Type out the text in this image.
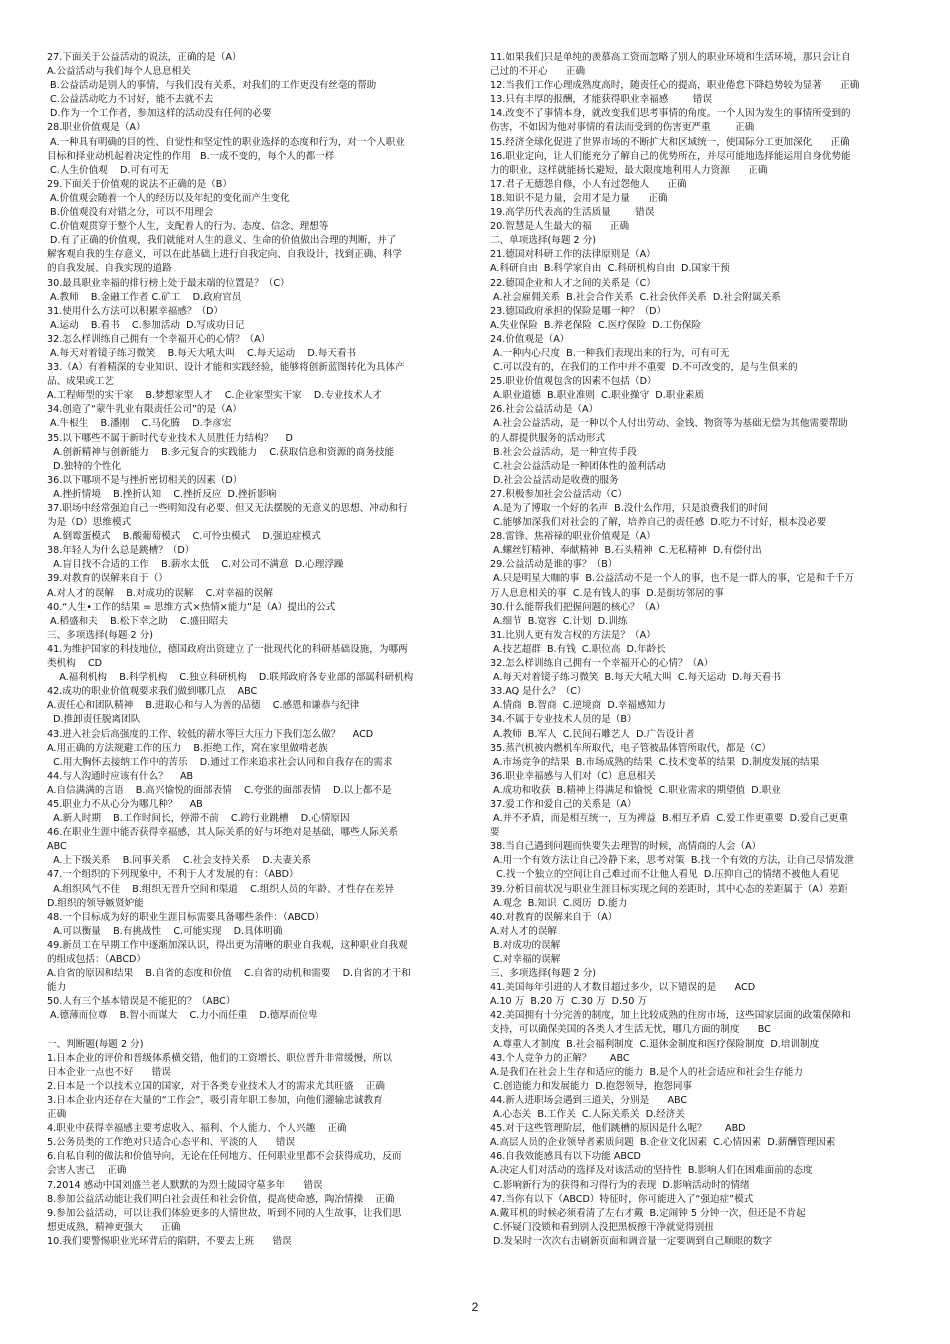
27.下面关于公益活动的说法，正确的是（A）
A.公益活动与我们每个人息息相关
B.公益活动是别人的事情，与我们没有关系，对我们的工作更没有丝毫的帮助
C.公益活动吃力不讨好，能不去就不去
D.作为一个工作者，参加这样的活动没有任何的必要
28.职业价值观是（A）
A.一种具有明确的目的性、自觉性和坚定性的职业选择的态度和行为，对一个人职业
目标和择业动机起着决定性的作用   B.一成不变的，每个人的都一样
C.人生价值观    D.可有可无
29.下面关于价值观的说法不正确的是（B）
A.价值观会随着一个人的经历以及年纪的变化而产生变化
B.价值观没有对错之分，可以不用理会
C.价值观贯穿于整个人生，支配着人的行为、态度、信念、理想等
D.有了正确的价值观，我们就能对人生的意义、生命的价值做出合理的判断，并了
解客观自我的生存意义，可以在此基础上进行自我定向、自我设计，找到正确、科学
的自我发展、自我实现的道路
30.最具职业幸福的排行榜上处于最末端的位置是？（C）
A.教师    B.金融工作者 C.矿工    D.政府官员
31.使用什么方法可以积累幸福感？（D）
A.运动    B.看书    C.参加活动  D.写成功日记
32.怎么样训练自己拥有一个幸福开心的心情？（A）
A.每天对着镜子练习微笑    B.每天大吼大叫    C.每天运动    D.每天看书
33.（A）有着精深的专业知识、设计才能和实践经验，能够将创新蓝图转化为具体产
品、成果或工艺
A.工程师型的实干家    B.梦想家型人才    C.企业家型实干家    D.专业技术人才
34.创造了“蒙牛乳业有限责任公司”的是（A）
A.牛根生    B.潘刚    C.马化腾    D.李彦宏
35.以下哪些不属于新时代专业技术人员胜任力结构？    D
A.创新精神与创新能力    B.多元复合的实践能力    C.获取信息和资源的商务技能
D.独特的个性化
36.以下哪项不是与挫折密切相关的因素（D）
A.挫折情境    B.挫折认知    C.挫折反应  D.挫折影响
37.职场中经常强迫自己一些明知没有必要、但又无法摆脱的无意义的思想、冲动和行
为是（D）思维模式
A.倒霉蛋模式    B.酸葡萄模式    C.可怜虫模式    D.强迫症模式
38.年轻人为什么总是跳槽？（D）
A.盲目找不合适的工作    B.薪水太低    C.对公司不满意  D.心理浮躁
39.对教育的误解来自于（）
A.对人才的误解    B.对成功的误解    C.对幸福的误解
40.“人生•工作的结果 = 思维方式×热情×能力”是（A）提出的公式
A.稻盛和夫    B.松下幸之助    C.盛田昭夫
三、多项选择(每题 2 分)
41.为维护国家的科技地位，德国政府出资建立了一批现代化的科研基础设施，为哪两
类机构    CD
A.福利机构    B.科学机构    C.独立科研机构    D.联邦政府各专业部的部属科研机构
42.成功的职业价值观要求我们做到哪几点    ABC
A.责任心和团队精神    B.进取心和与人为善的品德    C.感恩和谦恭与纪律
D.推卸责任脱离团队
43.进入社会后高强度的工作、较低的薪水等巨大压力下我们怎么做？    ACD
A.用正确的方法规避工作的压力    B.拒绝工作，窝在家里做啃老族
C.用大胸怀去接纳工作中的苦乐    D.通过工作来追求社会认同和自我存在的需求
44.与人沟通时应该有什么？    AB
A.自信满满的言语    B.高兴愉悦的面部表情    C.夸张的面部表情    D.以上都不是
45.职业力不从心分为哪几种？    AB
A.新人时期    B.工作时间长，停滞不前    C.跨行业跳槽    D.心情原因
46.在职业生涯中能否获得幸福感，其人际关系的好与坏绝对是基础，哪些人际关系
ABC
A.上下级关系    B.同事关系    C.社会支持关系    D.夫妻关系
47.一个组织的下列现象中，不利于人才发展的有：（ABD）
A.组织风气不佳    B.组织无晋升空间和渠道    C.组织人员的年龄、才性存在差异
D.组织的领导嫉贤妒能
48.一个目标成为好的职业生涯目标需要具备哪些条件：（ABCD）
A.可以衡量    B.有挑战性    C.可能实现    D.具体明确
49.新员工在早期工作中逐渐加深认识，得出更为清晰的职业自我观，这种职业自我观
的组成包括：（ABCD）
A.自省的原因和结果    B.自省的态度和价值    C.自省的动机和需要    D.自省的才干和
能力
50.人有三个基本错误是不能犯的？（ABC）
A.德薄而位尊    B.智小而谋大    C.力小而任重    D.德厚而位卑

一、判断题(每题 2 分)
1.日本企业的评价和晋级体系横交错，他们的工资增长、职位晋升非常缓慢，所以
日本企业一点也不好      错误
2.日本是一个以技术立国的国家，对于各类专业技术人才的需求尤其旺盛    正确
3.日本企业内还存在大量的“工作会”，吸引青年职工参加，向他们灌输忠诚教育
正确
4.职业中获得幸福感主要考虑收入、福利、个人能力、个人兴趣    正确
5.公务员类的工作绝对只适合心态平和、平淡的人      错误
6.自私自利的做法和价值导向，无论在任何地方、任何职业里都不会获得成功，反而
会害人害己    正确
7.2014 感动中国刘盛兰老人默默的为烈士陵园守墓多年      错误
8.参加公益活动能让我们明白社会责任和社会价值，提高使命感，陶冶情操    正确
9.参加公益活动，可以让我们体验更多的人情世故，听到不同的人生故事，让我们思
想更成熟，精神更强大      正确
10.我们要警惕职业光环背后的陷阱，不要去上班      错误
11.如果我们只是单纯的羡慕高工资而忽略了别人的职业环境和生活环境，那只会让自
己过的不开心      正确
12.当我们工作心理成熟度高时，随责任心的提高，职业倦怠下降趋势较为显著      正确
13.只有丰厚的报酬，才能获得职业幸福感        错误
14.改变不了事情本身，就改变我们思考事情的角度。一个人因为发生的事情所受到的
伤害，不如因为他对事情的看法而受到的伤害更严重        正确
15.经济全球化促进了世界市场的不断扩大和区域统一，使国际分工更加深化      正确
16.职业定向，让人们能充分了解自己的优势所在，并尽可能地选择能运用自身优势能
力的职业，这样就能扬长避短，最大限度地利用人力资源      正确
17.君子无德怨自修，小人有过怨他人      正确
18.知识不是力量，会用才是力量      正确
19.高学历代表高的生活质量        错误
20.智慧是人生最大的福      正确
二、单项选择(每题 2 分)
21.德国对科研工作的法律原则是（A）
A.科研自由  B.科学家自由  C.科研机构自由  D.国家干预
22.德国企业和人才之间的关系是（C）
A.社会雇佣关系  B.社会合作关系  C.社会伙伴关系  D.社会附属关系
23.德国政府承担的保险是哪一种？（D）
A.失业保险  B.养老保险  C.医疗保险  D.工伤保险
24.价值观是（A）
A.一种内心尺度  B.一种我们表现出来的行为，可有可无
C.可以没有的，在我们的工作中并不重要  D.不可改变的，是与生俱来的
25.职业价值观包含的因素不包括（D）
A.职业道德  B.职业准则  C.职业操守  D.职业素质
26.社会公益活动是（A）
A.社会公益活动，是一种以个人付出劳动、金钱、物资等为基础无偿为其他需要帮助
的人群提供服务的活动形式
B.社会公益活动，是一种宣传手段
C.社会公益活动是一种团体性的盈利活动
D.社会公益活动是收费的服务
27.积极参加社会公益活动（C）
A.是为了博取一个好的名声  B.没什么作用，只是浪费我们的时间
C.能够加深我们对社会的了解，培养自己的责任感  D.吃力不讨好，根本没必要
28.雷锋、焦裕禄的职业价值观是（A）
A.螺丝钉精神、奉献精神  B.石头精神  C.无私精神  D.有偿付出
29.公益活动是谁的事？（B）
A.只是明星大咖的事  B.公益活动不是一个人的事，也不是一群人的事，它是和千千万
万人息息相关的事  C.是有钱人的事  D.是街坊邻居的事
30.什么能帮我们把握问题的核心？（A）
A.细节  B.宽容  C.计划  D.训练
31.比别人更有发言权的方法是？（A）
A.技艺超群  B.有钱  C.职位高  D.年龄长
32.怎么样训练自己拥有一个幸福开心的心情？（A）
A.每天对着镜子练习微笑  B.每天大吼大叫  C.每天运动  D.每天看书
33.AQ 是什么？（C）
A.情商  B.智商  C.逆境商  D.幸福感知力
34.不属于专业技术人员的是（B）
A.教师  B.军人  C.民间石雕艺人  D.广告设计者
35.蒸汽机被内燃机车所取代，电子管被晶体管所取代，都是（C）
A.市场竞争的结果  B.市场成熟的结果  C.技术变革的结果  D.制度发展的结果
36.职业幸福感与人们对（C）息息相关
A.成功和收获  B.精神上得满足和愉悦  C.职业需求的期望值  D.职业
37.爱工作和爱自己的关系是（A）
A.并不矛盾，而是相互统一，互为裨益  B.相互矛盾  C.爱工作更重要  D.爱自己更重
要
38.当自己遇到问题而快要失去理智的时候，高情商的人会（A）
A.用一个有效方法让自己冷静下来，思考对策  B.找一个有效的方法，让自己尽情发泄
C.找一个独立的空间让自己难过而不让他人看见  D.压抑自己的情绪不被他人看见
39.分析目前状况与职业生涯目标实现之间的差距时，其中心态的差距属于（A）差距
A.观念  B.知识  C.阅历  D.能力
40.对教育的误解来自于（A）
A.对人才的误解
B.对成功的误解
C.对幸福的误解
三、多项选择(每题 2 分)
41.美国每年引进的人才数目超过多少，以下错误的是      ACD
A.10 万  B.20 万  C.30 万  D.50 万
42.美国拥有十分完善的制度，加上比较成熟的住房市场，这些国家层面的政策保障和
支持，可以确保美国的各类人才生活无忧，哪几方面的制度      BC
A.尊重人才制度  B.社会福利制度  C.退休金制度和医疗保险制度  D.培训制度
43.个人竞争力的正解？      ABC
A.是我们在社会上生存和适应的能力  B.是个人的社会适应和社会生存能力
C.创造能力和发展能力  D.抱怨领导，抱怨同事
44.新人进职场会遇到三道关，分别是      ABC
A.心态关  B.工作关  C.人际关系关  D.经济关
45.对于这些管理阶层，他们跳槽的原因是什么呢？      ABD
A.高层人员的企业领导者素质问题  B.企业文化因素  C.心情因素  D.薪酬管理因素
46.自我效能感具有以下功能 ABCD
A.决定人们对活动的选择及对该活动的坚持性  B.影响人们在困难面前的态度
C.影响新行为的获得和习得行为的表现  D.影响活动时的情绪
47.当你有以下（ABCD）特征时，你可能进入了“强迫症”模式
A.戴耳机的时候必须看清了左右才戴  B.定闹钟 5 分钟一次，但还是不肯起
C.怀疑门没锁和看到别人没把黑板擦干净就觉得别扭
D.发呆时一次次右击刷新页面和调音量一定要调到自己顺眼的数字
2
